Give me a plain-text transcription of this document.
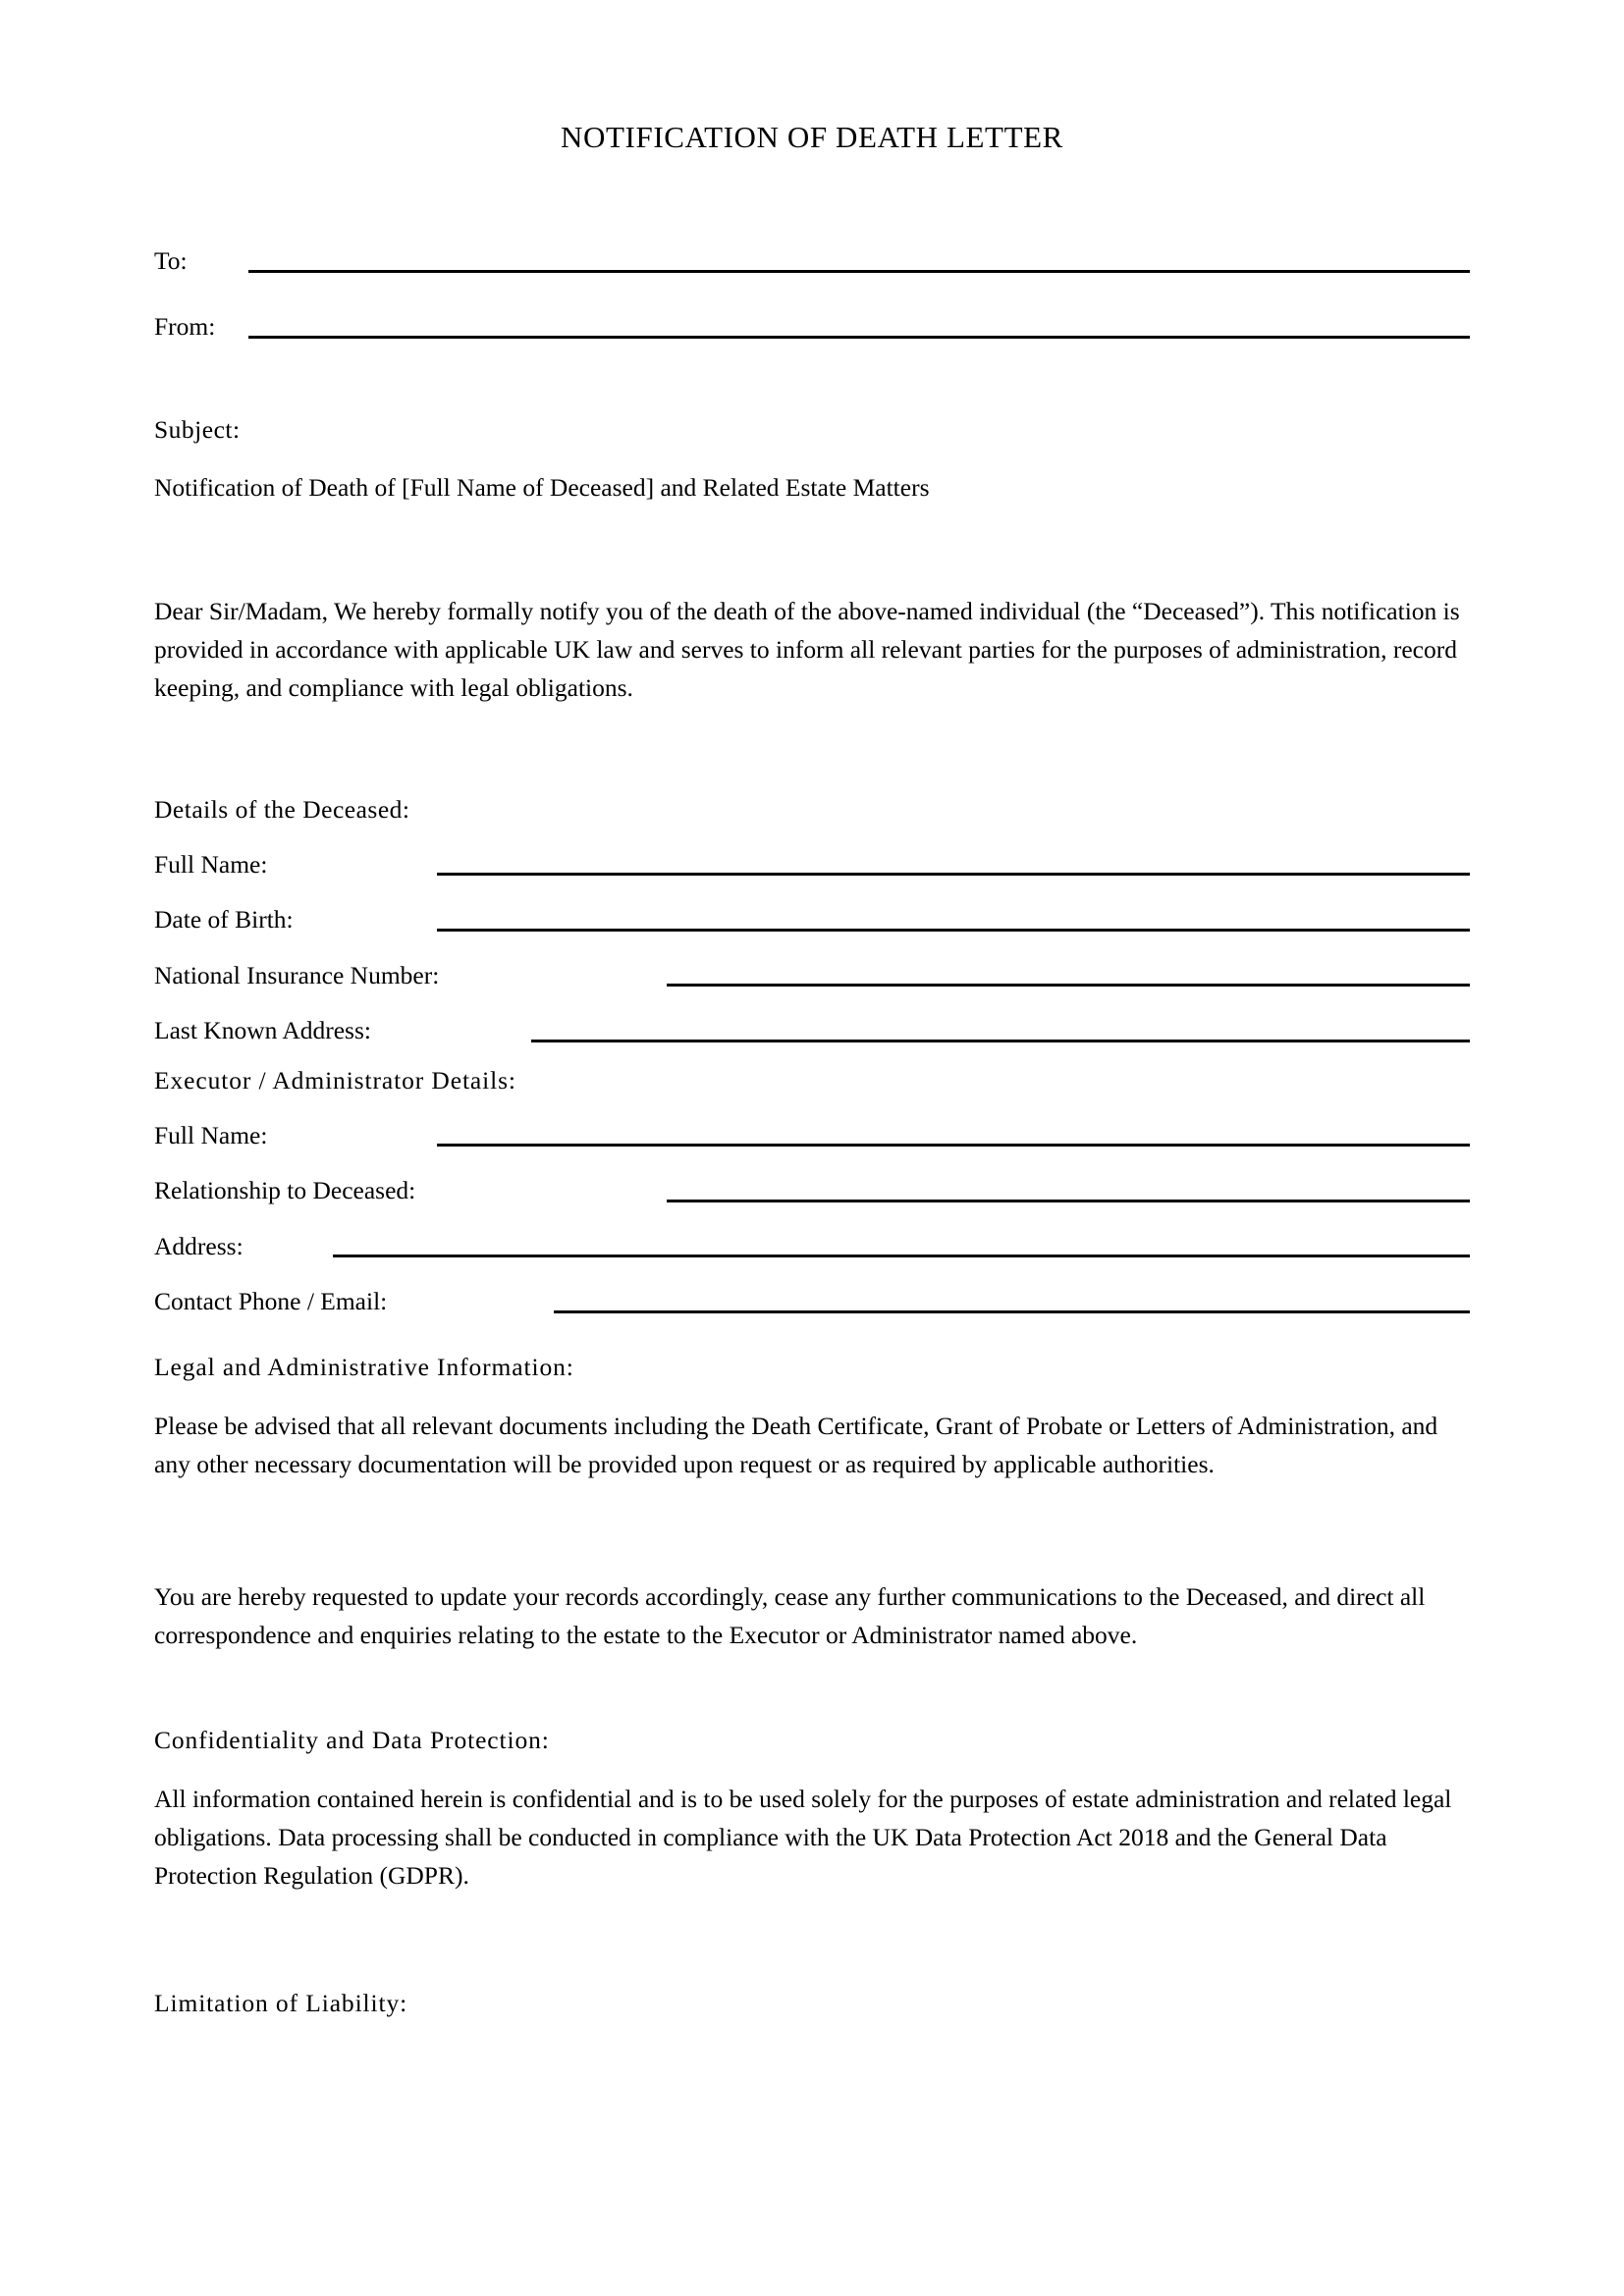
NOTIFICATION OF DEATH LETTER
To:
From:
Subject:
Notification of Death of [Full Name of Deceased] and Related Estate Matters
Dear Sir/Madam, We hereby formally notify you of the death of the above-named individual (the “Deceased”). This notification is provided in accordance with applicable UK law and serves to inform all relevant parties for the purposes of administration, record keeping, and compliance with legal obligations.
Details of the Deceased:
Full Name:
Date of Birth:
National Insurance Number:
Last Known Address:
Executor / Administrator Details:
Full Name:
Relationship to Deceased:
Address:
Contact Phone / Email:
Legal and Administrative Information:
Please be advised that all relevant documents including the Death Certificate, Grant of Probate or Letters of Administration, and any other necessary documentation will be provided upon request or as required by applicable authorities.
You are hereby requested to update your records accordingly, cease any further communications to the Deceased, and direct all correspondence and enquiries relating to the estate to the Executor or Administrator named above.
Confidentiality and Data Protection:
All information contained herein is confidential and is to be used solely for the purposes of estate administration and related legal obligations. Data processing shall be conducted in compliance with the UK Data Protection Act 2018 and the General Data Protection Regulation (GDPR).
Limitation of Liability:
